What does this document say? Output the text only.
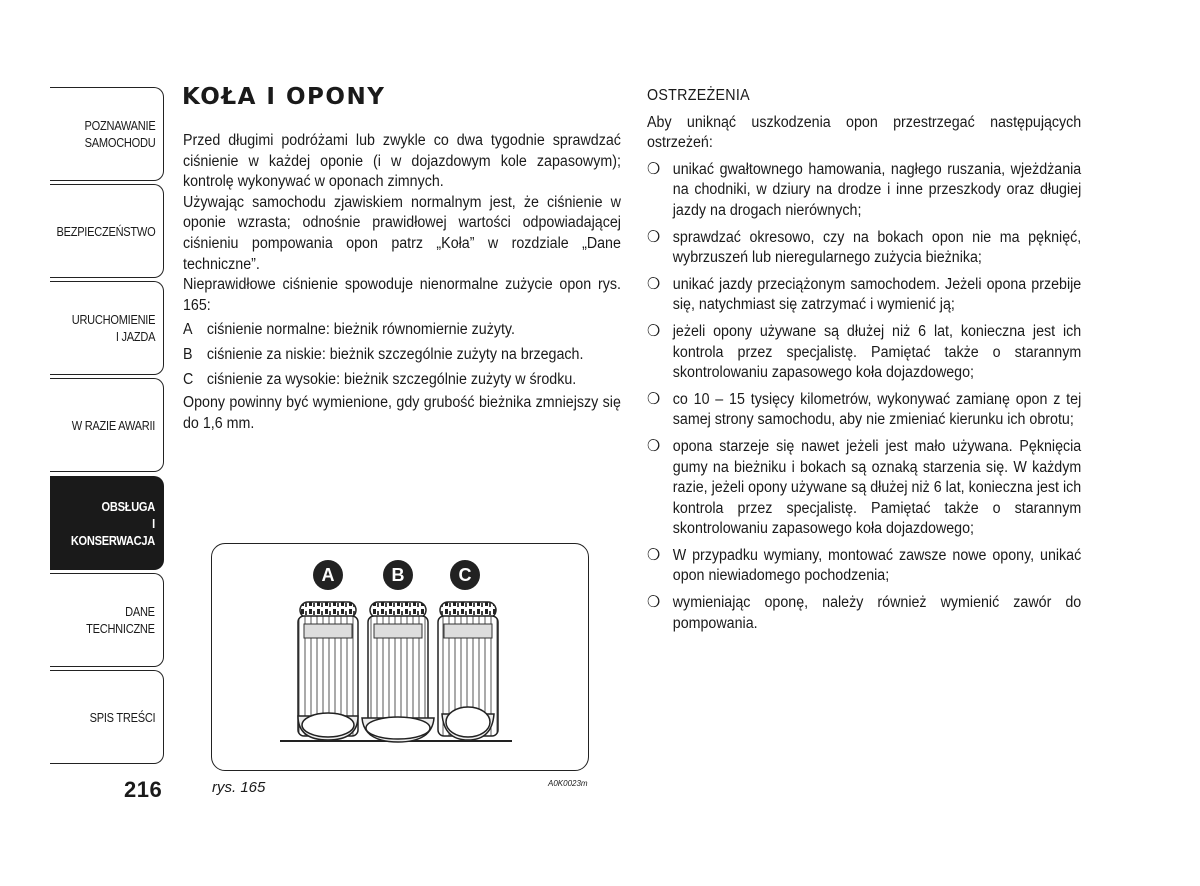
POZNAWANIE
SAMOCHODU
BEZPIECZEŃSTWO
URUCHOMIENIE
I JAZDA
W RAZIE AWARII
OBSŁUGA
I KONSERWACJA
DANE
TECHNICZNE
SPIS TREŚCI
216
KOŁA I OPONY

Przed długimi podróżami lub zwykle co dwa tygodnie sprawdzać ciśnienie w każdej oponie (i w dojazdowym kole zapasowym); kontrolę wykonywać w oponach zimnych.

Używając samochodu zjawiskiem normalnym jest, że ciśnienie w oponie wzrasta; odnośnie prawidłowej wartości odpowiadającej ciśnieniu pompowania opon patrz „Koła” w rozdziale „Dane techniczne”.

Nieprawidłowe ciśnienie spowoduje nienormalne zużycie opon rys. 165:

A ciśnienie normalne: bieżnik równomiernie zużyty.
B ciśnienie za niskie: bieżnik szczególnie zużyty na brzegach.
C ciśnienie za wysokie: bieżnik szczególnie zużyty w środku.

Opony powinny być wymienione, gdy grubość bieżnika zmniejszy się do 1,6 mm.

A	B	C
rys. 165	A0K0023m

OSTRZEŻENIA

Aby uniknąć uszkodzenia opon przestrzegać następujących ostrzeżeń:

❍ unikać gwałtownego hamowania, nagłego ruszania, wjeżdżania na chodniki, w dziury na drodze i inne przeszkody oraz długiej jazdy na drogach nierównych;
❍ sprawdzać okresowo, czy na bokach opon nie ma pęknięć, wybrzuszeń lub nieregularnego zużycia bieżnika;
❍ unikać jazdy przeciążonym samochodem. Jeżeli opona przebije się, natychmiast się zatrzymać i wymienić ją;
❍ jeżeli opony używane są dłużej niż 6 lat, konieczna jest ich kontrola przez specjalistę. Pamiętać także o starannym skontrolowaniu zapasowego koła dojazdowego;
❍ co 10 – 15 tysięcy kilometrów, wykonywać zamianę opon z tej samej strony samochodu, aby nie zmieniać kierunku ich obrotu;
❍ opona starzeje się nawet jeżeli jest mało używana. Pęknięcia gumy na bieżniku i bokach są oznaką starzenia się. W każdym razie, jeżeli opony używane są dłużej niż 6 lat, konieczna jest ich kontrola przez specjalistę. Pamiętać także o starannym skontrolowaniu zapasowego koła dojazdowego;
❍ W przypadku wymiany, montować zawsze nowe opony, unikać opon niewiadomego pochodzenia;
❍ wymieniając oponę, należy również wymienić zawór do pompowania.
